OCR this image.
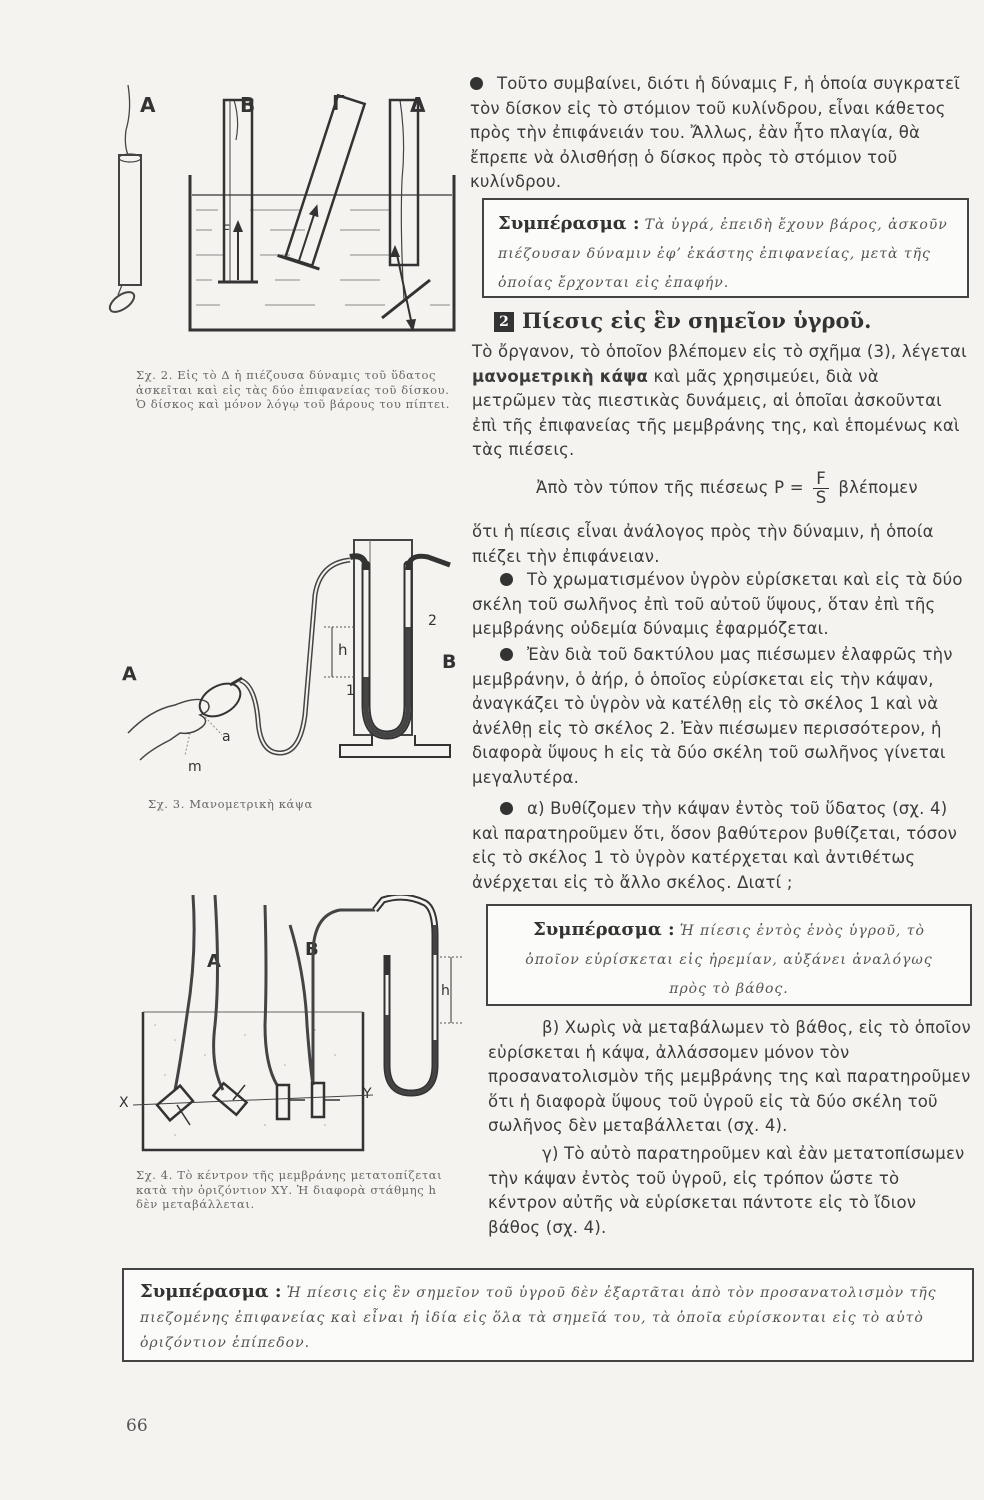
Α	Β	Γ	Δ
F
Σχ. 2. Εἰς τὸ Δ ἡ πιέζουσα δύναμις τοῦ ὕδατος ἀσκεῖται καὶ εἰς τὰς δύο ἐπιφανείας τοῦ δίσκου. Ὁ δίσκος καὶ μόνον λόγῳ τοῦ βάρους του πίπτει.
Α
Β
h
1
2
a
m
Σχ. 3. Μανομετρικὴ κάψα
Α
Β
X
Y
h
Σχ. 4. Τὸ κέντρον τῆς μεμβράνης μετατοπίζεται κατὰ τὴν ὁριζόντιον ΧΥ. Ἡ διαφορὰ στάθμης h δὲν μεταβάλλεται.

Τοῦτο συμβαίνει, διότι ἡ δύναμις F, ἡ ὁποία συγκρατεῖ τὸν δίσκον εἰς τὸ στόμιον τοῦ κυλίνδρου, εἶναι κάθετος πρὸς τὴν ἐπιφάνειάν του. Ἄλλως, ἐὰν ἦτο πλαγία, θὰ ἔπρεπε νὰ ὀλισθήσῃ ὁ δίσκος πρὸς τὸ στόμιον τοῦ κυλίνδρου.

Συμπέρασμα : Τὰ ὑγρά, ἐπειδὴ ἔχουν βάρος, ἀσκοῦν πιέζουσαν δύναμιν ἐφ’ ἑκάστης ἐπιφανείας, μετὰ τῆς ὁποίας ἔρχονται εἰς ἐπαφήν.
2 Πίεσις εἰς ἓν σημεῖον ὑγροῦ.

Τὸ ὄργανον, τὸ ὁποῖον βλέπομεν εἰς τὸ σχῆμα (3), λέγεται μανομετρικὴ κάψα καὶ μᾶς χρησιμεύει, διὰ νὰ μετρῶμεν τὰς πιεστικὰς δυνάμεις, αἱ ὁποῖαι ἀσκοῦνται ἐπὶ τῆς ἐπιφανείας τῆς μεμβράνης της, καὶ ἑπομένως καὶ τὰς πιέσεις.

Ἀπὸ τὸν τύπον τῆς πιέσεως $P = \frac{F}{S}$ βλέπομεν

ὅτι ἡ πίεσις εἶναι ἀνάλογος πρὸς τὴν δύναμιν, ἡ ὁποία πιέζει τὴν ἐπιφάνειαν.

Τὸ χρωματισμένον ὑγρὸν εὑρίσκεται καὶ εἰς τὰ δύο σκέλη τοῦ σωλῆνος ἐπὶ τοῦ αὐτοῦ ὕψους, ὅταν ἐπὶ τῆς μεμβράνης οὐδεμία δύναμις ἐφαρμόζεται.

Ἐὰν διὰ τοῦ δακτύλου μας πιέσωμεν ἐλαφρῶς τὴν μεμβράνην, ὁ ἀήρ, ὁ ὁποῖος εὑρίσκεται εἰς τὴν κάψαν, ἀναγκάζει τὸ ὑγρὸν νὰ κατέλθῃ εἰς τὸ σκέλος 1 καὶ νὰ ἀνέλθῃ εἰς τὸ σκέλος 2. Ἐὰν πιέσωμεν περισσότερον, ἡ διαφορὰ ὕψους h εἰς τὰ δύο σκέλη τοῦ σωλῆνος γίνεται μεγαλυτέρα.

α) Βυθίζομεν τὴν κάψαν ἐντὸς τοῦ ὕδατος (σχ. 4) καὶ παρατηροῦμεν ὅτι, ὅσον βαθύτερον βυθίζεται, τόσον εἰς τὸ σκέλος 1 τὸ ὑγρὸν κατέρχεται καὶ ἀντιθέτως ἀνέρχεται εἰς τὸ ἄλλο σκέλος. Διατί ;

Συμπέρασμα : Ἡ πίεσις ἐντὸς ἑνὸς ὑγροῦ, τὸ ὁποῖον εὑρίσκεται εἰς ἠρεμίαν, αὐξάνει ἀναλόγως πρὸς τὸ βάθος.

β) Χωρὶς νὰ μεταβάλωμεν τὸ βάθος, εἰς τὸ ὁποῖον εὑρίσκεται ἡ κάψα, ἀλλάσσομεν μόνον τὸν προσανατολισμὸν τῆς μεμβράνης της καὶ παρατηροῦμεν ὅτι ἡ διαφορὰ ὕψους τοῦ ὑγροῦ εἰς τὰ δύο σκέλη τοῦ σωλῆνος δὲν μεταβάλλεται (σχ. 4).

γ) Τὸ αὐτὸ παρατηροῦμεν καὶ ἐὰν μετατοπίσωμεν τὴν κάψαν ἐντὸς τοῦ ὑγροῦ, εἰς τρόπον ὥστε τὸ κέντρον αὐτῆς νὰ εὑρίσκεται πάντοτε εἰς τὸ ἴδιον βάθος (σχ. 4).

Συμπέρασμα : Ἡ πίεσις εἰς ἓν σημεῖον τοῦ ὑγροῦ δὲν ἐξαρτᾶται ἀπὸ τὸν προσανατολισμὸν τῆς πιεζομένης ἐπιφανείας καὶ εἶναι ἡ ἰδία εἰς ὅλα τὰ σημεῖά του, τὰ ὁποῖα εὑρίσκονται εἰς τὸ αὐτὸ ὁριζόντιον ἐπίπεδον.
66
